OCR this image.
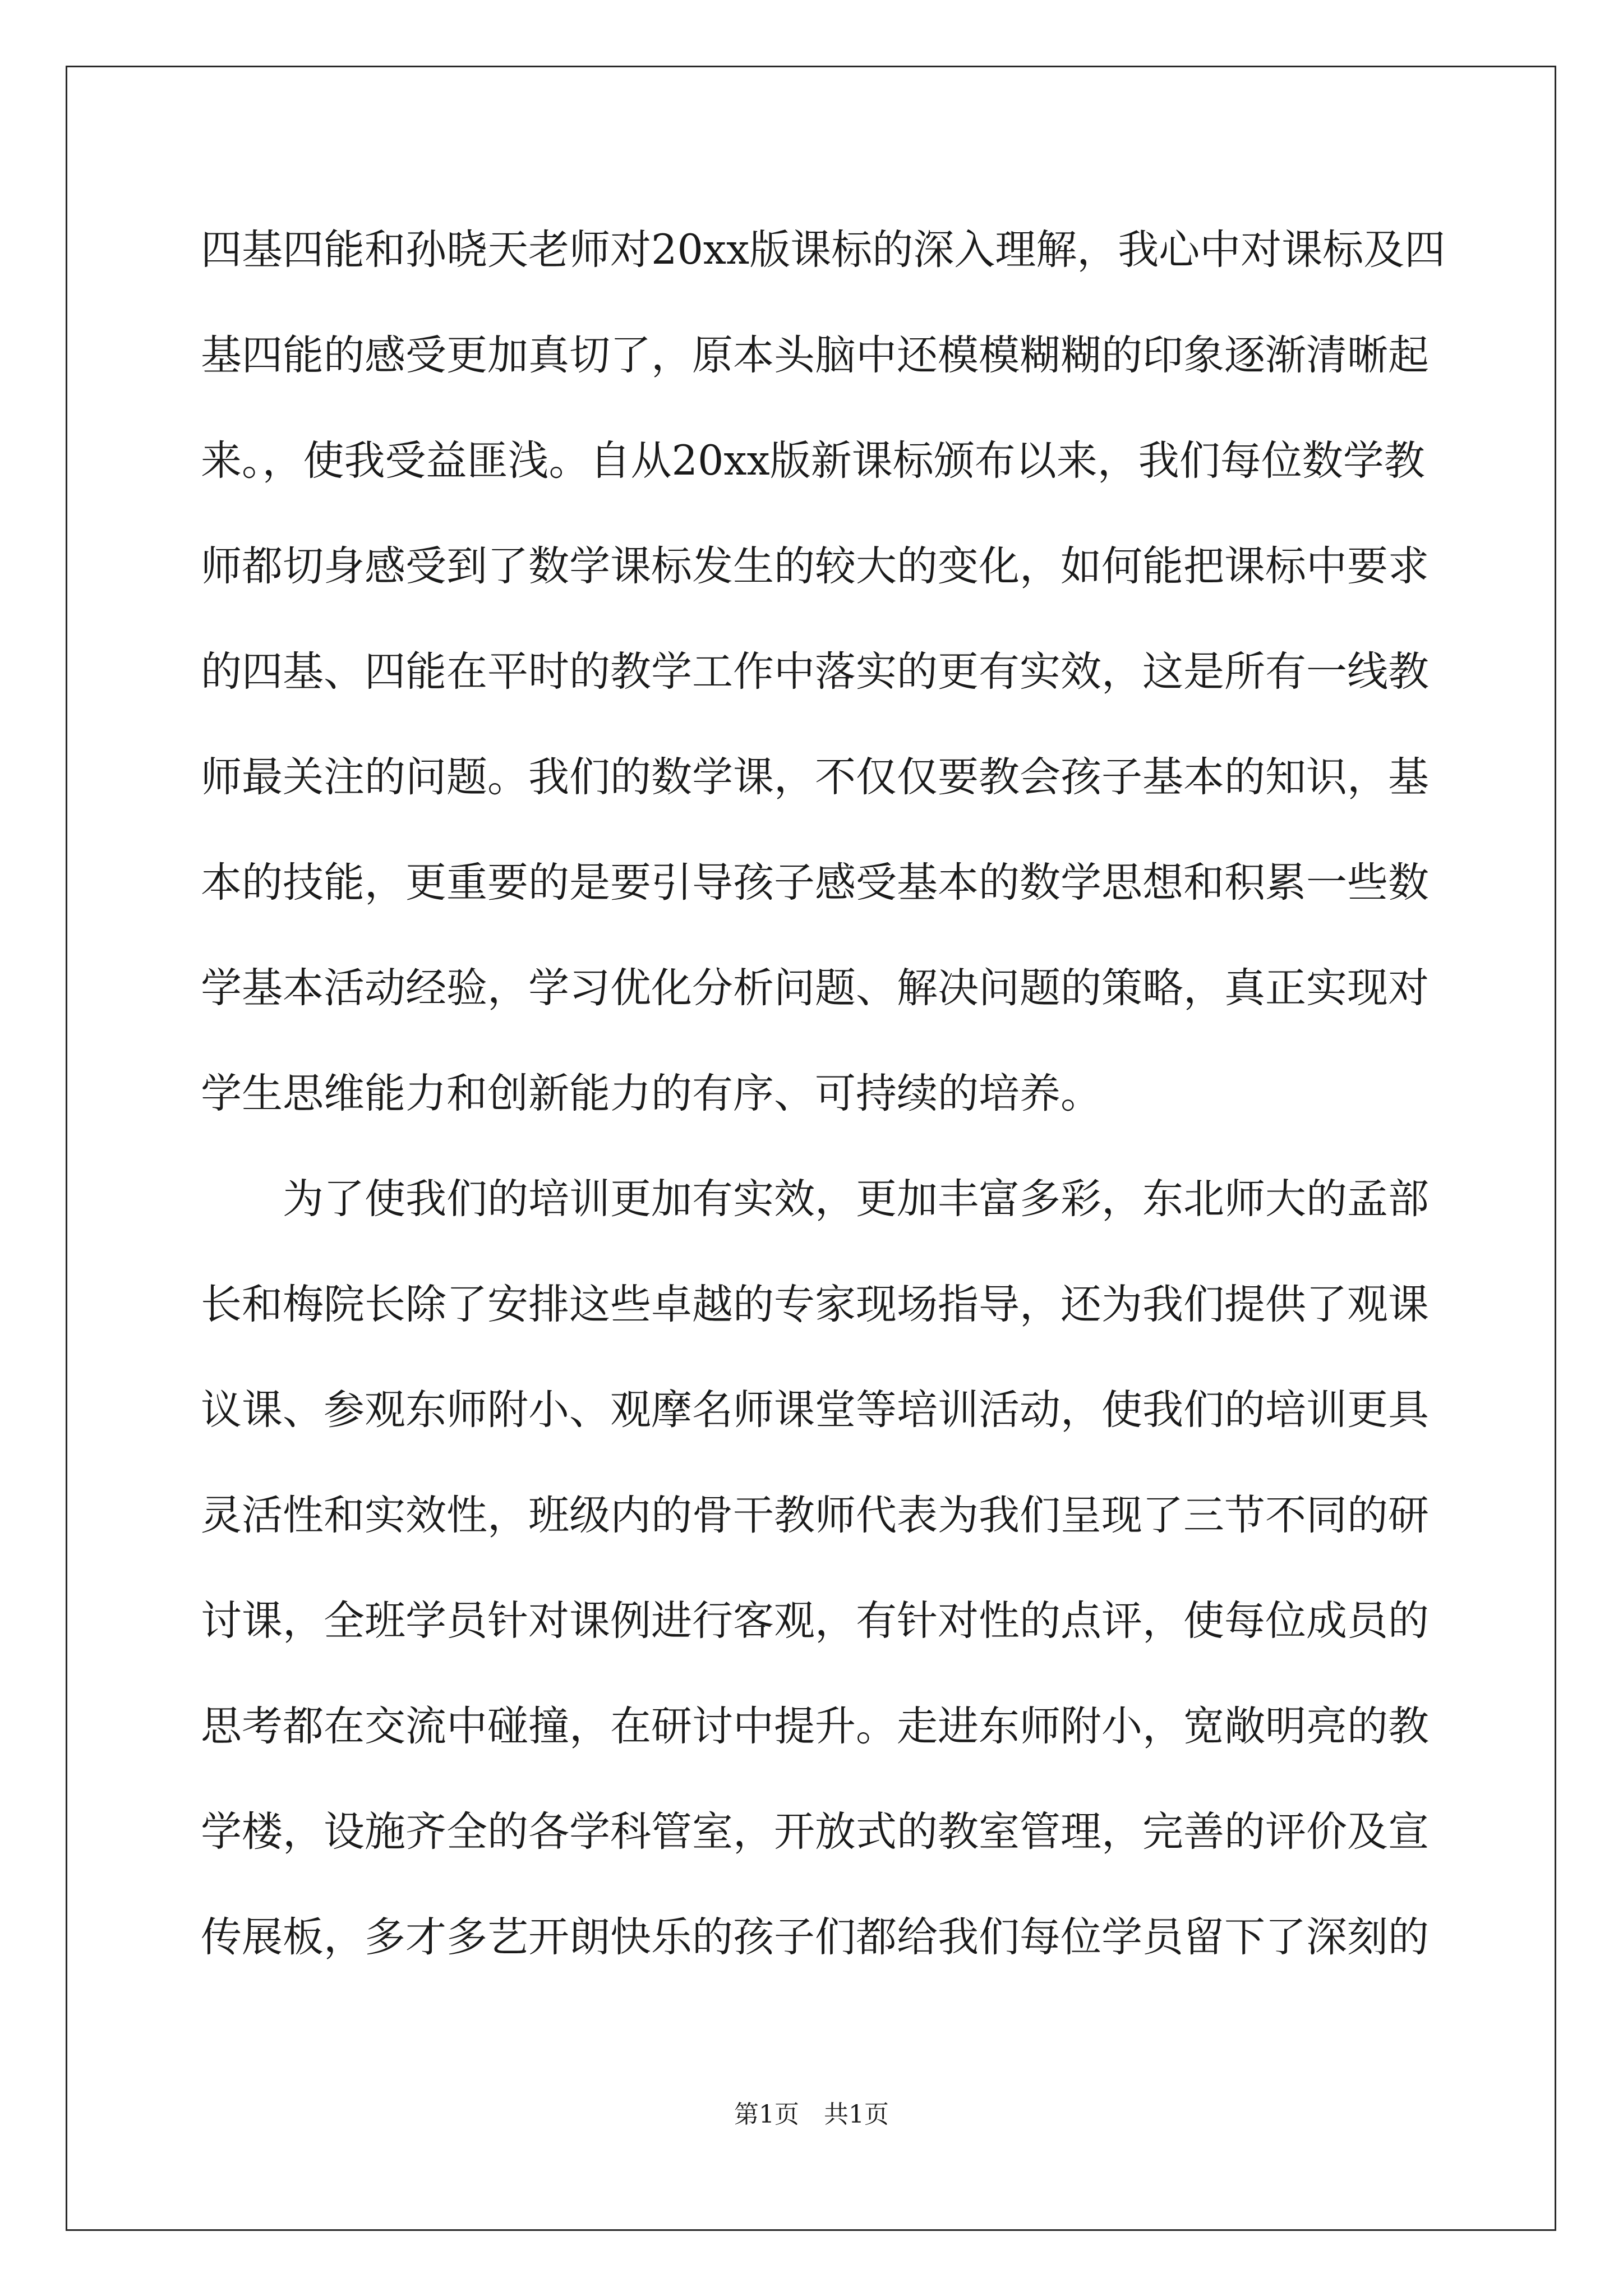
四基四能和孙晓天老师对20xx版课标的深入理解，我心中对课标及四
基四能的感受更加真切了，原本头脑中还模模糊糊的印象逐渐清晰起
来。，使我受益匪浅。自从20xx版新课标颁布以来，我们每位数学教
师都切身感受到了数学课标发生的较大的变化，如何能把课标中要求
的四基、四能在平时的教学工作中落实的更有实效，这是所有一线教
师最关注的问题。我们的数学课，不仅仅要教会孩子基本的知识，基
本的技能，更重要的是要引导孩子感受基本的数学思想和积累一些数
学基本活动经验，学习优化分析问题、解决问题的策略，真正实现对
学生思维能力和创新能力的有序、可持续的培养。
为了使我们的培训更加有实效，更加丰富多彩，东北师大的孟部
长和梅院长除了安排这些卓越的专家现场指导，还为我们提供了观课
议课、参观东师附小、观摩名师课堂等培训活动，使我们的培训更具
灵活性和实效性，班级内的骨干教师代表为我们呈现了三节不同的研
讨课，全班学员针对课例进行客观，有针对性的点评，使每位成员的
思考都在交流中碰撞，在研讨中提升。走进东师附小，宽敞明亮的教
学楼，设施齐全的各学科管室，开放式的教室管理，完善的评价及宣
传展板，多才多艺开朗快乐的孩子们都给我们每位学员留下了深刻的
第1页　共1页
